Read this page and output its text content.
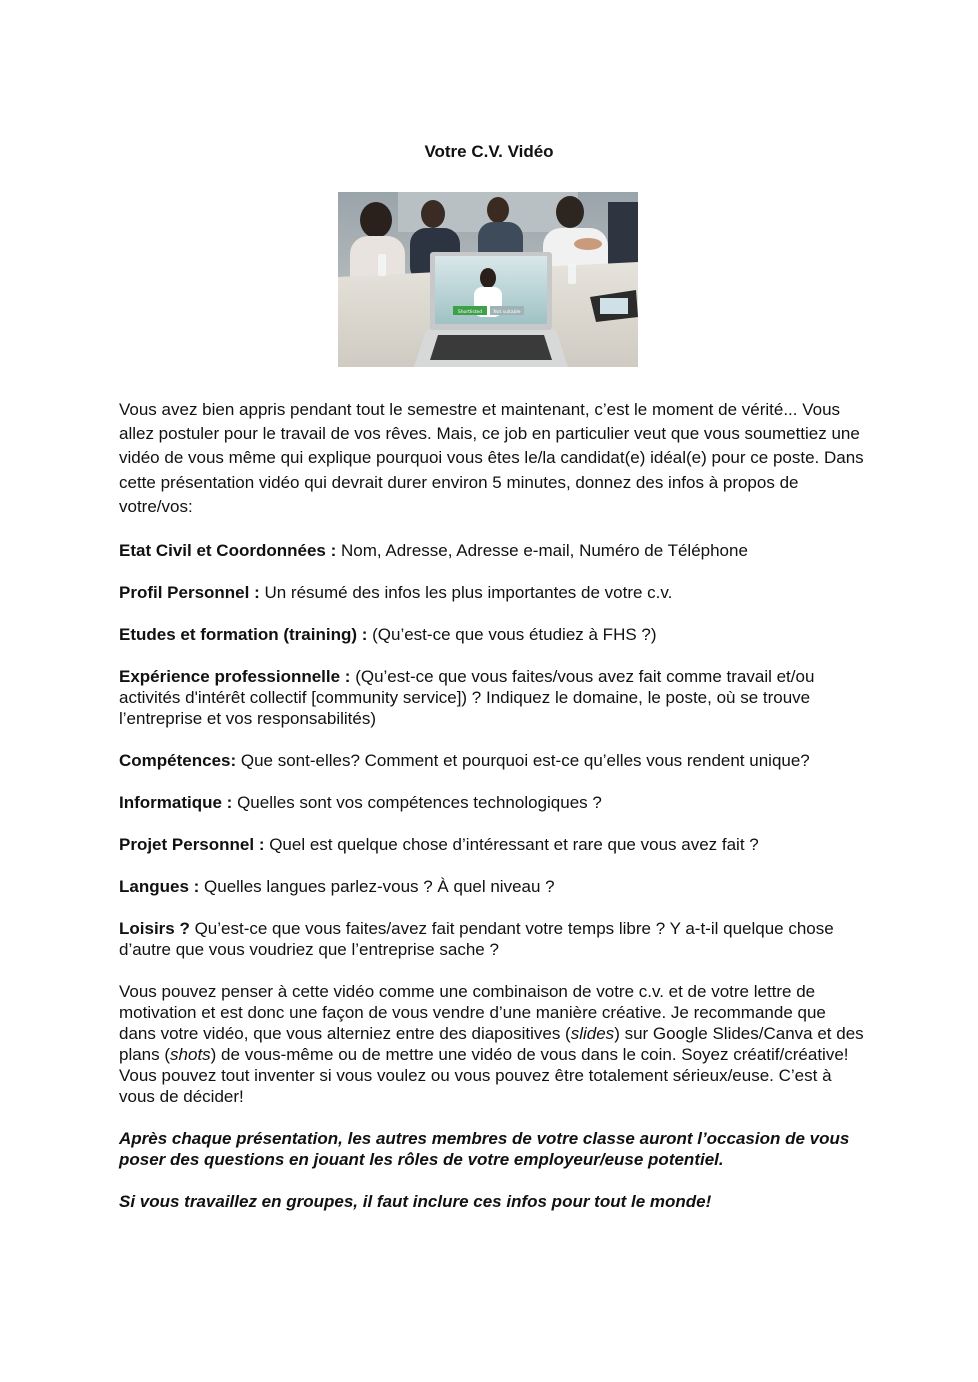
Votre C.V. Vidéo
Shortlisted	Not suitable

Vous avez bien appris pendant tout le semestre et maintenant, c’est le moment de vérité... Vous allez postuler pour le travail de vos rêves. Mais, ce job en particulier veut que vous soumettiez une vidéo de vous même qui explique pourquoi vous êtes le/la candidat(e) idéal(e) pour ce poste. Dans cette présentation vidéo qui devrait durer environ 5 minutes, donnez des infos à propos de votre/vos:

Etat Civil et Coordonnées : Nom, Adresse, Adresse e-mail, Numéro de Téléphone

Profil Personnel : Un résumé des infos les plus importantes de votre c.v.

Etudes et formation (training) : (Qu’est-ce que vous étudiez à FHS ?)

Expérience professionnelle : (Qu’est-ce que vous faites/vous avez fait comme travail et/ou activités d'intérêt collectif [community service]) ? Indiquez le domaine, le poste, où se trouve l’entreprise et vos responsabilités)

Compétences: Que sont-elles? Comment et pourquoi est-ce qu’elles vous rendent unique?

Informatique : Quelles sont vos compétences technologiques ?

Projet Personnel : Quel est quelque chose d’intéressant et rare que vous avez fait ?

Langues : Quelles langues parlez-vous ? À quel niveau ?

Loisirs ? Qu’est-ce que vous faites/avez fait pendant votre temps libre ? Y a-t-il quelque chose d’autre que vous voudriez que l’entreprise sache ?

Vous pouvez penser à cette vidéo comme une combinaison de votre c.v. et de votre lettre de motivation et est donc une façon de vous vendre d’une manière créative. Je recommande que dans votre vidéo, que vous alterniez entre des diapositives (slides) sur Google Slides/Canva et des plans (shots) de vous-même ou de mettre une vidéo de vous dans le coin. Soyez créatif/créative! Vous pouvez tout inventer si vous voulez ou vous pouvez être totalement sérieux/euse. C’est à vous de décider!

Après chaque présentation, les autres membres de votre classe auront l’occasion de vous poser des questions en jouant les rôles de votre employeur/euse potentiel.

Si vous travaillez en groupes, il faut inclure ces infos pour tout le monde!
